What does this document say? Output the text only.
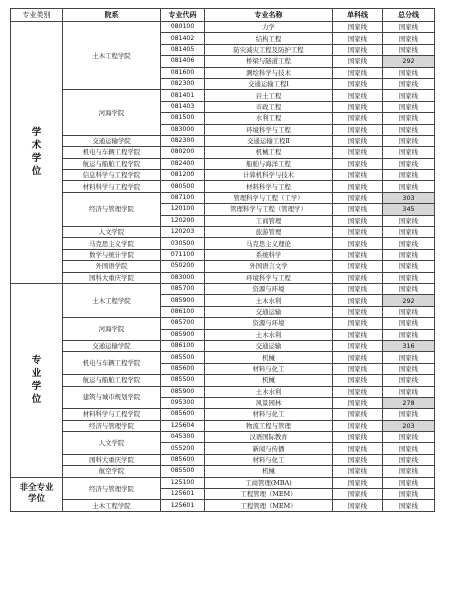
专业类别	院系	专业代码	专业名称	单科线	总分线
学术学位	土木工程学院	080100	力学	国家线	国家线
		081402	结构工程	国家线	国家线
		081405	防灾减灾工程及防护工程	国家线	国家线
		081406	桥梁与隧道工程	国家线	292
		081600	测绘科学与技术	国家线	国家线
		082300	交通运输工程Ⅰ	国家线	国家线
	河海学院	081401	岩土工程	国家线	国家线
		081403	市政工程	国家线	国家线
		081500	水利工程	国家线	国家线
		083000	环境科学与工程	国家线	国家线
	交通运输学院	082300	交通运输工程Ⅱ	国家线	国家线
	机电与车辆工程学院	080200	机械工程	国家线	国家线
	航运与船舶工程学院	082400	船舶与海洋工程	国家线	国家线
	信息科学与工程学院	081200	计算机科学与技术	国家线	国家线
	材料科学与工程学院	080500	材料科学与工程	国家线	国家线
	经济与管理学院	087100	管理科学与工程（工学）	国家线	303
		120100	管理科学与工程（管理学）	国家线	345
		120200	工商管理	国家线	国家线
	人文学院	120203	旅游管理	国家线	国家线
	马克思主义学院	030500	马克思主义理论	国家线	国家线
	数学与统计学院	071100	系统科学	国家线	国家线
	外国语学院	050200	外国语言文学	国家线	国家线
	国科大重庆学院	083000	环境科学与工程	国家线	国家线
专业学位	土木工程学院	085700	资源与环境	国家线	国家线
		085900	土木水利	国家线	292
		086100	交通运输	国家线	国家线
	河海学院	085700	资源与环境	国家线	国家线
		085900	土木水利	国家线	国家线
	交通运输学院	086100	交通运输	国家线	316
	机电与车辆工程学院	085500	机械	国家线	国家线
		085600	材料与化工	国家线	国家线
	航运与船舶工程学院	085500	机械	国家线	国家线
	建筑与城市规划学院	085900	土木水利	国家线	国家线
		095300	风景园林	国家线	278
	材料科学与工程学院	085600	材料与化工	国家线	国家线
	经济与管理学院	125604	物流工程与管理	国家线	203
	人文学院	045300	汉语国际教育	国家线	国家线
		055200	新闻与传播	国家线	国家线
	国科大重庆学院	085600	材料与化工	国家线	国家线
	航空学院	085500	机械	国家线	国家线
非全专业学位	经济与管理学院	125100	工商管理(MBA)	国家线	国家线
		125601	工程管理（MEM）	国家线	国家线
	土木工程学院	125601	工程管理（MEM）	国家线	国家线
